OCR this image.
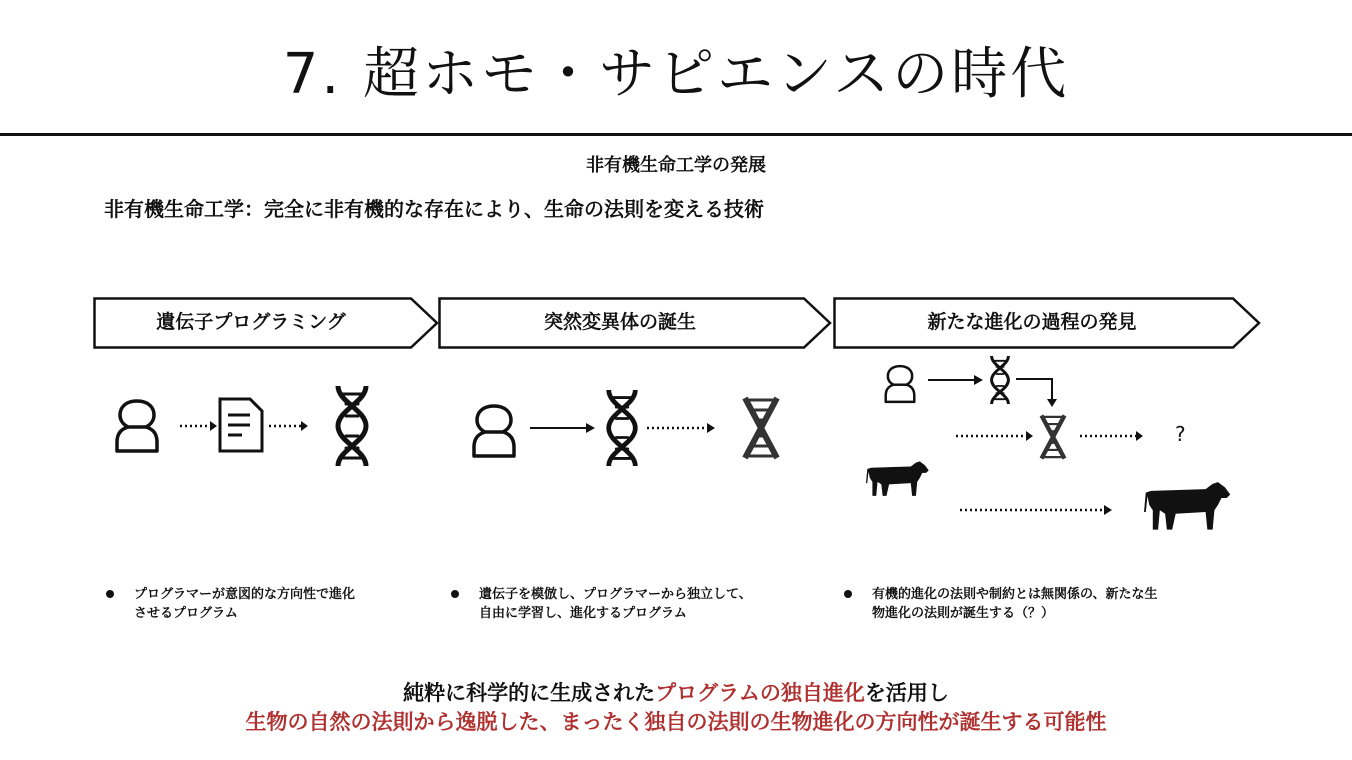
7. 超ホモ・サピエンスの時代
非有機生命工学の発展
非有機生命工学：完全に非有機的な存在により、生命の法則を変える技術
遺伝子プログラミング	突然変異体の誕生	新たな進化の過程の発見
?
プログラマーが意図的な方向性で進化
させるプログラム
遺伝子を模倣し、プログラマーから独立して、
自由に学習し、進化するプログラム
有機的進化の法則や制約とは無関係の、新たな生
物進化の法則が誕生する（？）
純粋に科学的に生成されたプログラムの独自進化を活用し
生物の自然の法則から逸脱した、まったく独自の法則の生物進化の方向性が誕生する可能性
